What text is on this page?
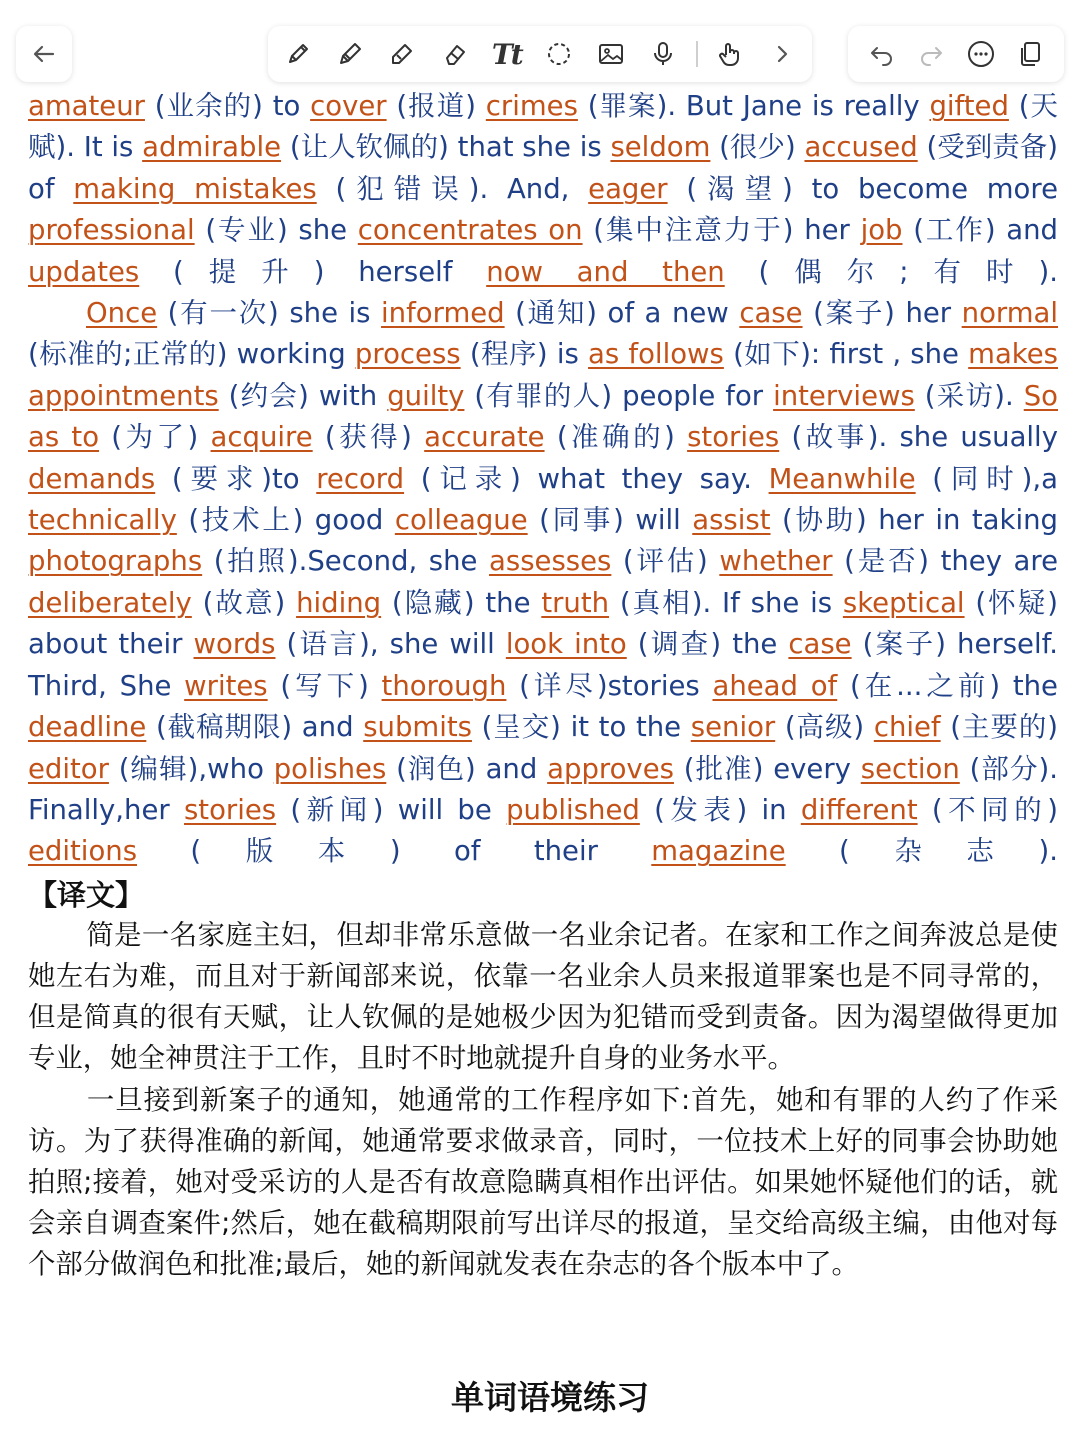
Tt

amateur (业余的) to cover (报道) crimes (罪案). But Jane is really gifted (天赋). It is admirable (让人钦佩的) that she is seldom (很少) accused (受到责备) of making mistakes (犯错误). And, eager (渴望) to become more professional (专业) she concentrates on (集中注意力于) her job (工作) and updates (提升) herself now and then (偶尔;有时).

Once (有一次) she is informed (通知) of a new case (案子) her normal (标准的;正常的) working process (程序) is as follows (如下): first , she makes appointments (约会) with guilty (有罪的人) people for interviews (采访). So as to (为了) acquire (获得) accurate (准确的) stories (故事). she usually demands (要求)to record (记录) what they say. Meanwhile (同时),a technically (技术上) good colleague (同事) will assist (协助) her in taking photographs (拍照).Second, she assesses (评估) whether (是否) they are deliberately (故意) hiding (隐藏) the truth (真相). If she is skeptical (怀疑) about their words (语言), she will look into (调查) the case (案子) herself. Third, She writes (写下) thorough (详尽)stories ahead of (在...之前) the deadline (截稿期限) and submits (呈交) it to the senior (高级) chief (主要的) editor (编辑),who polishes (润色) and approves (批准) every section (部分). Finally,her stories (新闻) will be published (发表) in different (不同的) editions (版本) of their magazine (杂志).

【译文】

简是一名家庭主妇，但却非常乐意做一名业余记者。在家和工作之间奔波总是使她左右为难，而且对于新闻部来说，依靠一名业余人员来报道罪案也是不同寻常的，但是简真的很有天赋，让人钦佩的是她极少因为犯错而受到责备。因为渴望做得更加专业，她全神贯注于工作，且时不时地就提升自身的业务水平。

一旦接到新案子的通知，她通常的工作程序如下:首先，她和有罪的人约了作采访。为了获得准确的新闻，她通常要求做录音，同时，一位技术上好的同事会协助她拍照;接着，她对受采访的人是否有故意隐瞒真相作出评估。如果她怀疑他们的话，就会亲自调查案件;然后，她在截稿期限前写出详尽的报道，呈交给高级主编，由他对每个部分做润色和批准;最后，她的新闻就发表在杂志的各个版本中了。

单词语境练习
